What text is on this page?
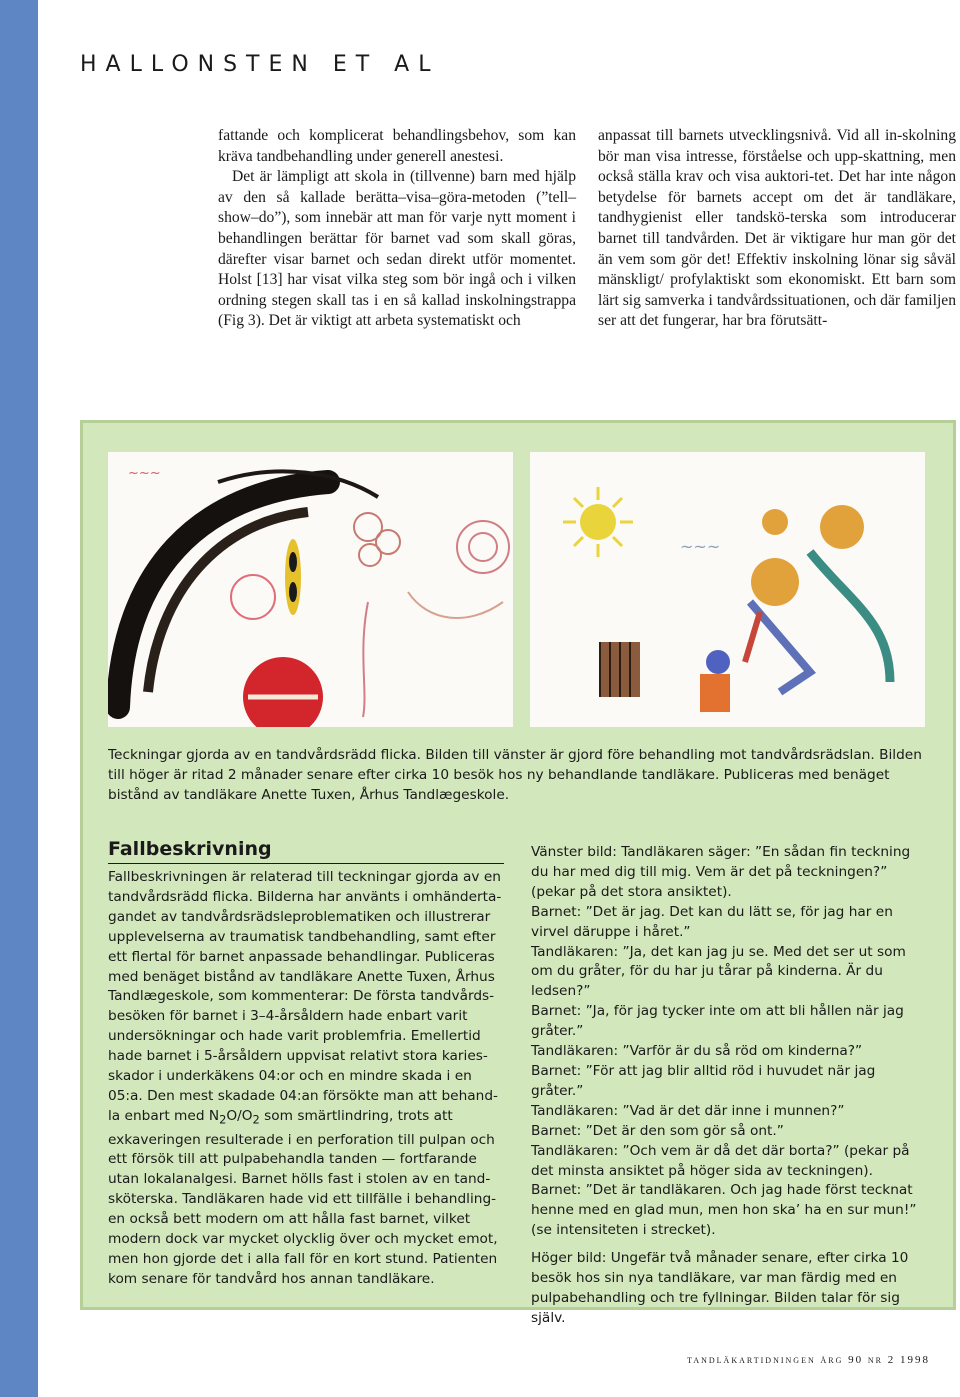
HALLONSTEN ET AL

fattande och komplicerat behandlingsbehov, som kan kräva tandbehandling under generell anestesi.

Det är lämpligt att skola in (tillvenne) barn med hjälp av den så kallade berätta–visa–göra-metoden (”tell–show–do”), som innebär att man för varje nytt moment i behandlingen berättar för barnet vad som skall göras, därefter visar barnet och sedan direkt utför momentet. Holst [13] har visat vilka steg som bör ingå och i vilken ordning stegen skall tas i en så kallad inskolningstrappa (Fig 3). Det är viktigt att arbeta systematiskt och

anpassat till barnets utvecklingsnivå. Vid all in-skolning bör man visa intresse, förståelse och upp-skattning, men också ställa krav och visa auktori-tet. Det har inte någon betydelse för barnets accept om det är tandläkare, tandhygienist eller tandskö-terska som introducerar barnet till tandvården. Det är viktigare hur man gör det än vem som gör det! Effektiv inskolning lönar sig såväl mänskligt/ profylaktiskt som ekonomiskt. Ett barn som lärt sig samverka i tandvårdssituationen, och där familjen ser att det fungerar, har bra förutsätt-

~~~
~~~
Teckningar gjorda av en tandvårdsrädd flicka. Bilden till vänster är gjord före behandling mot tandvårdsrädslan. Bilden till höger är ritad 2 månader senare efter cirka 10 besök hos ny behandlande tandläkare. Publiceras med benäget bistånd av tandläkare Anette Tuxen, Århus Tandlægeskole.
Fallbeskrivning
Fallbeskrivningen är relaterad till teckningar gjorda av en tandvårdsrädd flicka. Bilderna har använts i omhänderta-gandet av tandvårdsrädsleproblematiken och illustrerar upplevelserna av traumatisk tandbehandling, samt efter ett flertal för barnet anpassade behandlingar. Publiceras med benäget bistånd av tandläkare Anette Tuxen, Århus Tandlægeskole, som kommenterar: De första tandvårds-besöken för barnet i 3–4-årsåldern hade enbart varit undersökningar och hade varit problemfria. Emellertid hade barnet i 5-årsåldern uppvisat relativt stora karies-skador i underkäkens 04:or och en mindre skada i en 05:a. Den mest skadade 04:an försökte man att behand-la enbart med $N_2O/O_2$ som smärtlindring, trots att exkaveringen resulterade i en perforation till pulpan och ett försök till att pulpabehandla tanden — fortfarande utan lokalanalgesi. Barnet hölls fast i stolen av en tand-sköterska. Tandläkaren hade vid ett tillfälle i behandling-en också bett modern om att hålla fast barnet, vilket modern dock var mycket olycklig över och mycket emot, men hon gjorde det i alla fall för en kort stund. Patienten kom senare för tandvård hos annan tandläkare.

Vänster bild: Tandläkaren säger: ”En sådan fin teckning du har med dig till mig. Vem är det på teckningen?” (pekar på det stora ansiktet).

Barnet: ”Det är jag. Det kan du lätt se, för jag har en virvel däruppe i håret.”

Tandläkaren: ”Ja, det kan jag ju se. Med det ser ut som om du gråter, för du har ju tårar på kinderna. Är du ledsen?”

Barnet: ”Ja, för jag tycker inte om att bli hållen när jag gråter.”

Tandläkaren: ”Varför är du så röd om kinderna?”

Barnet: ”För att jag blir alltid röd i huvudet när jag gråter.”

Tandläkaren: ”Vad är det där inne i munnen?”

Barnet: ”Det är den som gör så ont.”

Tandläkaren: ”Och vem är då det där borta?” (pekar på det minsta ansiktet på höger sida av teckningen).

Barnet: ”Det är tandläkaren. Och jag hade först tecknat henne med en glad mun, men hon ska’ ha en sur mun!” (se intensiteten i strecket).

Höger bild: Ungefär två månader senare, efter cirka 10 besök hos sin nya tandläkare, var man färdig med en pulpabehandling och tre fyllningar. Bilden talar för sig själv.

tandläkartidningen årg 90 nr 2 1998
